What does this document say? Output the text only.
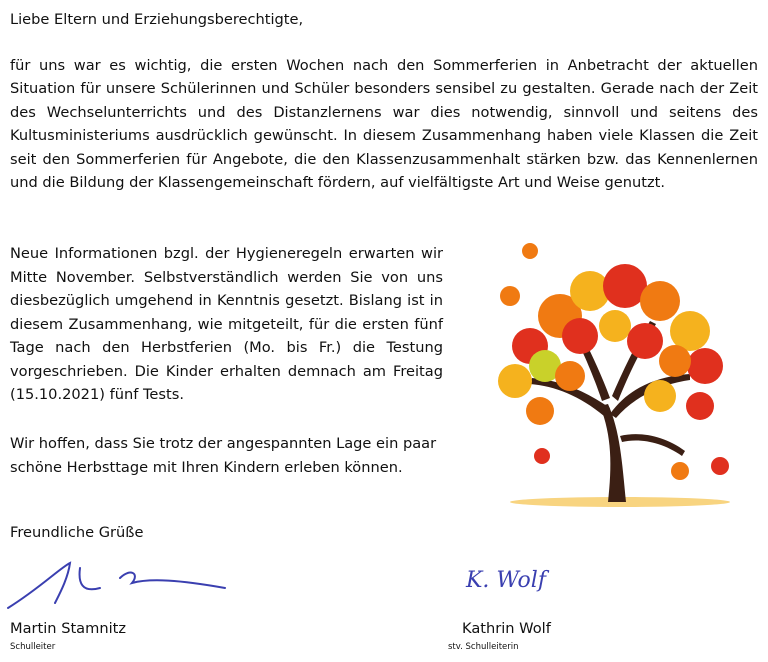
Liebe Eltern und Erziehungsberechtigte,

für uns war es wichtig, die ersten Wochen nach den Sommerferien in Anbetracht der aktuellen Situation für unsere Schülerinnen und Schüler besonders sensibel zu gestalten. Gerade nach der Zeit des Wechselunterrichts und des Distanzlernens war dies notwendig, sinnvoll und seitens des Kultusministeriums ausdrücklich gewünscht. In diesem Zusammenhang haben viele Klassen die Zeit seit den Sommerferien für Angebote, die den Klassenzusammenhalt stärken bzw. das Kennenlernen und die Bildung der Klassengemeinschaft fördern, auf vielfältigste Art und Weise genutzt.

Neue Informationen bzgl. der Hygieneregeln erwarten wir Mitte November. Selbstverständlich werden Sie von uns diesbezüglich umgehend in Kenntnis gesetzt. Bislang ist in diesem Zusammenhang, wie mitgeteilt, für die ersten fünf Tage nach den Herbstferien (Mo. bis Fr.) die Testung vorgeschrieben. Die Kinder erhalten demnach am Freitag (15.10.2021) fünf Tests.

Wir hoffen, dass Sie trotz der angespannten Lage ein paar schöne Herbsttage mit Ihren Kindern erleben können.

Freundliche Grüße

K. Wolf

Martin Stamnitz

Schulleiter

Kathrin Wolf

stv. Schulleiterin
